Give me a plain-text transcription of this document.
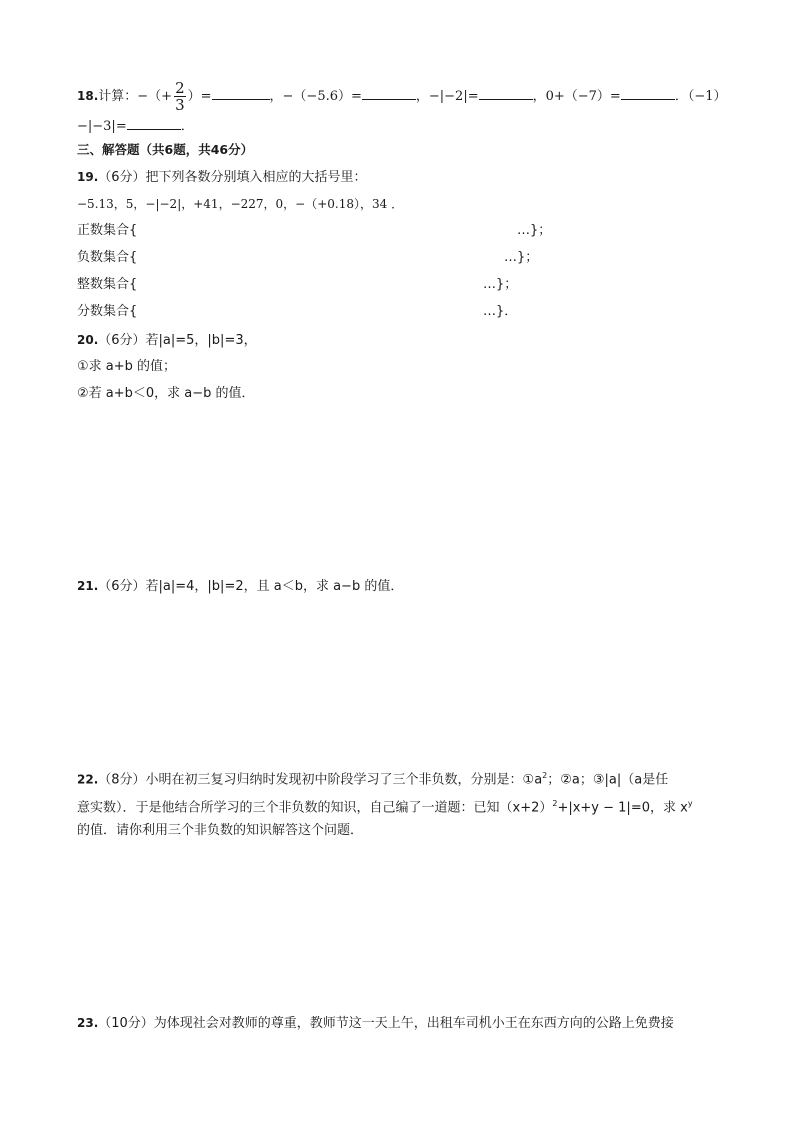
18.计算：−（+ $\frac{2}{3}$ ）=	，−（−5.6）=	，−|−2|=	，0+（−7）=	．（−1）
−|−3|=	．
三、解答题（共6题，共46分）
19.（6分）把下列各数分别填入相应的大括号里：
−5.13，5，−|−2|，+41，−227，0，−（+0.18），34 ．
正数集合{	…}；
负数集合{	…}；
整数集合{	…}；
分数集合{	…}．
20.（6分）若|a|=5，|b|=3，
①求 a+b 的值；
②若 a+b＜0，求 a−b 的值．
21.（6分）若|a|=4，|b|=2，且 a＜b，求 a−b 的值．
22.（8分）小明在初三复习归纳时发现初中阶段学习了三个非负数，分别是：$①a^2$；②a；③|a|（a是任
意实数）．于是他结合所学习的三个非负数的知识，自己编了一道题：已知$(x+2)^2+|x+y - 1|=0$，求 $x^y$
的值．请你利用三个非负数的知识解答这个问题．
23.（10分）为体现社会对教师的尊重，教师节这一天上午，出租车司机小王在东西方向的公路上免费接
